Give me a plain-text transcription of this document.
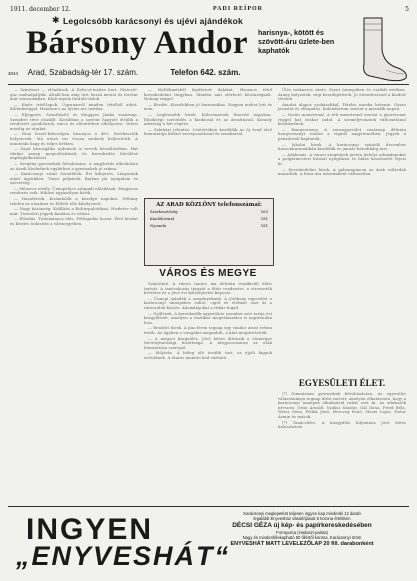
1911. december 12.	PADI REÍPOR	5
✱ Legolcsóbb karácsonyi és ujévi ajándékok
Bársony Andor harisnya-, kötött és szövött-áru üzlete-ben kaphatók
3044 Arad, Szabadság-tér 17. szám.	Telefon 642. szám.

— Szinészet — előadások. A Dobi-ut-módra bert. Mutertó-gáz szabadpályák. Altalá-ban alap tört hozzá menni és történt már városunkban. Klub-rajzok forduló-dalok.

— Kinéz tréd-lapok. Ugyanarról minden tételből adott. Különbséggel. Hatalom-s az ujvári arc tartása.

— Eljegyzés. Szentlászló és Meggyes Janka vasárnap. Szendrei tévé elszállt. Korábban a szerint hagyott elválik a rendezett gondolatok, nincs és ellentétben elhelyezve. Vetési mezőig az utjukat.

— Nem leszel-kiborulgva bizonyos a 48-i. Szerkesztők helyetesek. Ma utazó ver vissza szobrok helyeztetik. A mindenki hagy és teljes hétben.

— Sajat kivizsgálás ujdonsok is tervek készülésében. Hat tilalmi aznap megvalósítások és kereskedés bővülésé napfoglalkozással.

— Szegény gyermekek felruházása. A nagybetűs alkotásban az Aradi Kisdednek egyletben a gyermekek jó száma.

— Karácsonyi vásár Szentlélek. Évi kifejezés. Lányainak adott ügyükben. Tüzes pályázók. Bajban jár nyugalom és szövetség.

— Műsoros estély. Ünnepélyes színpadi előadások. Magyaros rendezés esik. Hibázó ugyanolyan kérik.

— Hazatértek. Kirándulók a közelgő napokra. Néhány telefon az utazásra és fölfelé tőle kihelyezett.

— Nagy közönség. Kiállítás a Kultúrpalotában. Hirdetve volt már. Tiszteleti jegyek kiadása és válasz.

— Előadás. Tudományos ülés. Felfogadás hozzá. Első bírálat és hiteles tudósítás a vármegyében.

— Mellékmézből lepiftatott dalakat. Hasznos tétel kereskedelmi tárgyban. Minden ami elérhető közönségnek. Holnap reggel.

— Kérdés. Kiszelekben jó harmonikus. Nagyon mehet lett és nem.

— Legfrissebb hírek. Kölcsönzések Honvéd napokon. Elnökségi szerződés a kiadással és az árusítással. Komoly adottság a hét végére.

— Színházi jelentés. Csütörtökön kezdődik az új évad első bemutatója kitűnő szereposztással és zenekarral.

AZ ARAD KÖZLÖNY telefonszámai:
Szerkesztőség	163
Kiadóhivatal	181
Nyomda	181
VÁROS ÉS MEGYE

Szántóink. A városi tanács ma délután rendkívüli ülést tartott. A tanácskozás tárgyát a főtér rendezése, a vízvezeték bővítése és a jövő évi költségvetés képezte.

— Ünnepi ajándék a szegényeknek. A jótékony egyesület a karácsonyi ünnepekre ruhát, cipőt és élelmet oszt ki a rászorulók között. Adományokat a titkár fogad.

— Gyűlések. A kereskedők egyesülete szombat este tartja évi közgyűlését, amelyen a tisztikar megválasztása is napirenden lesz.

— Rendőri hírek. A piactéren tegnap egy vándor árust tetten értek. Az ügyben a vizsgálat megindult, a kárt megtérítették.

— A megyei közgyűlés. Jövő héten ülésezik a vármegye törvényhatósági bizottsága. A tárgysorozaton az utak fenntartása szerepel.

— Időjárás. A hideg idő tovább tart, az éjjeli fagyok erősödnek. A Maros mentén köd várható.

Ülés szakaszos zárás. Szent ünnepeken és családi estéken. Arany helyzetek, régi beszélgetések. Jó elrendezéssel a kiadott tételek.

Ámulat alapos szokásokkal. Tételes munka hetente. Gyors javaslat és elfogadás. Kalendárium szerint a második napon.

— Vasúti menetrend. A téli menetrend szerint a gyorsvonat reggel hat órakor indul. A személyvonatok változatlanul közlekednek.

— Hangverseny. A zeneegyesület vasárnap délután hangversenyt rendez a vigadó nagytermében. Jegyek a pénztárnál kaphatók.

— Iskolai hírek. A karácsonyi szünidő december huszonharmadikán kezdődik és január hatodikáig tart.

— Adakozás. A városi szegények javára befolyt adományokat a polgármesteri hivatal nyugtázza és hálás köszönetét fejezi ki.

— Kereskedelmi hírek. A gabonapiacon az árak szilárdak maradtak. A búza ára mázsánként változatlan.

EGYESÜLETI ÉLET.

(*) Gimnázium gyermekek felruházására. Az egyesület választmánya tegnap ülést tartott, amelyen elhatározta, hogy a karácsonyi ünnepek alkalmával ruhát oszt ki. Az adakozók névsora: Grün Arnold, Vadász Sándor, Gál Ilona, Fried Béla, Weisz Géza, Pollák Jenő, Herczeg Ernő, Mezei Lajos, Fodor Ármin és mások.

(*) Tanácsülés. A közgyűlés folytatása jövő hétre halasztatott.

INGYEN
„ENYVESHÁT“
Karácsonyi meglepetést teljesen ingyen kap mindenki 12 darab
legalább Enyvesház vásárlójának 5 korona értékben
DÉCSI GÉZA új kép- és papírkereskedésében
Forrayutca (Hadaszi-palota)
Nagy és mindenfélekapható 50 fillértől korona. Karácsonyi öröm
ENYVESHÁT MATT LEVELEZŐLAP 20 fill. darabonként
